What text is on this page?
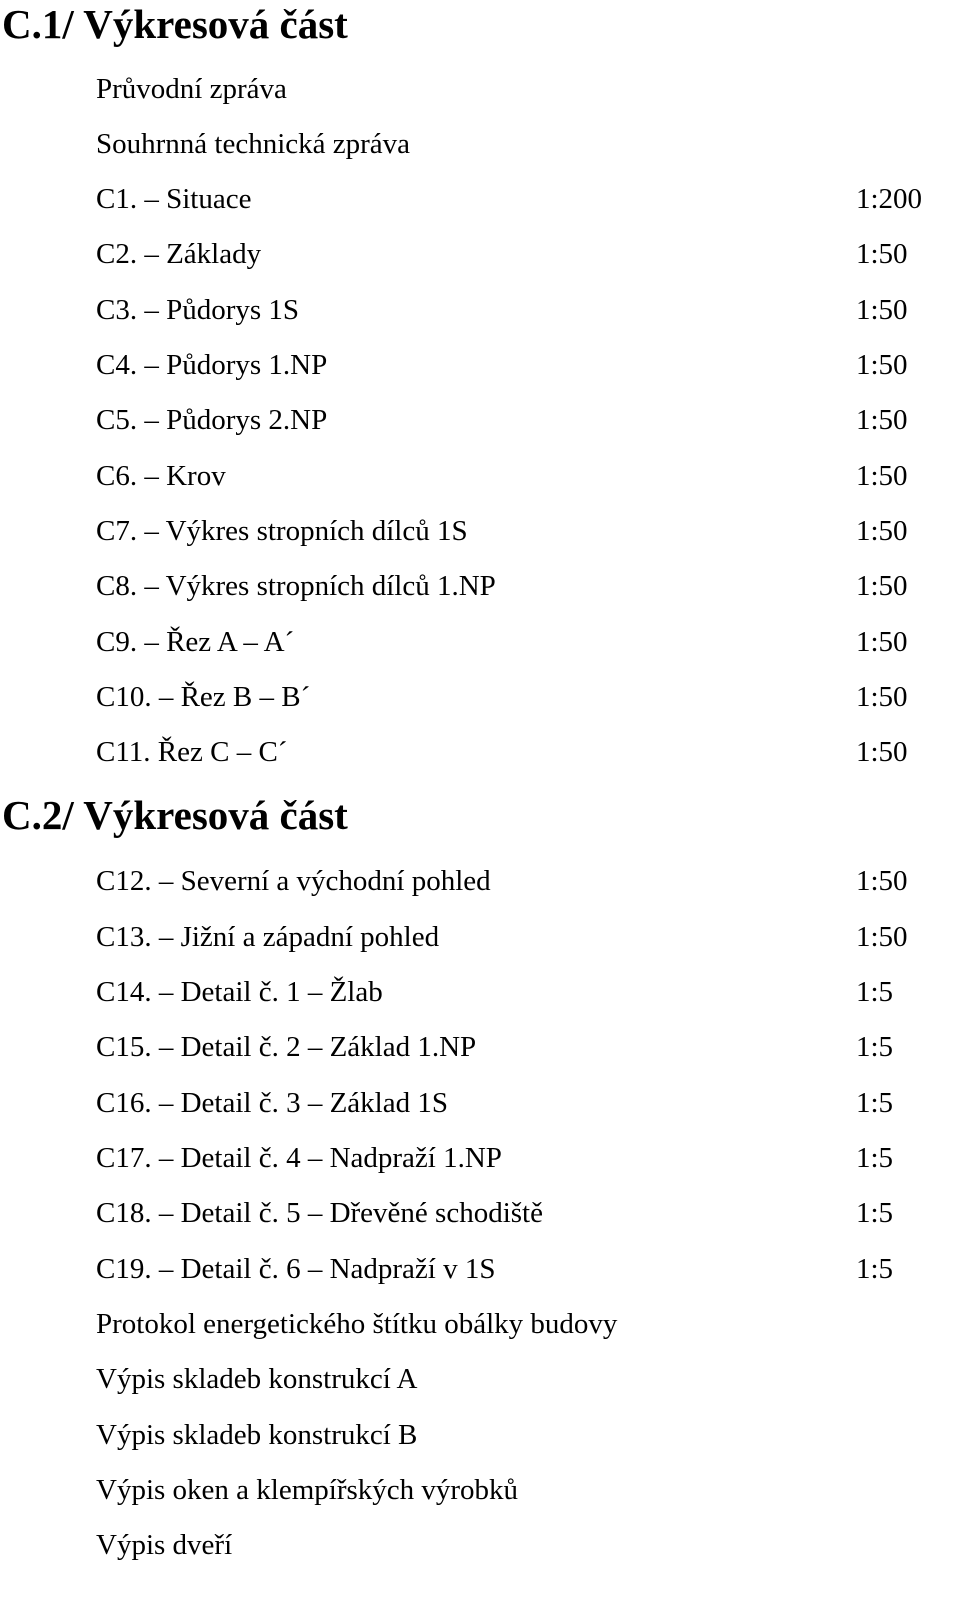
C.1/ Výkresová část
Průvodní zpráva
Souhrnná technická zpráva
C1. – Situace	1:200
C2. – Základy	1:50
C3. – Půdorys 1S	1:50
C4. – Půdorys 1.NP	1:50
C5. – Půdorys 2.NP	1:50
C6. – Krov	1:50
C7. – Výkres stropních dílců 1S	1:50
C8. – Výkres stropních dílců 1.NP	1:50
C9. – Řez A – A´	1:50
C10. – Řez B – B´	1:50
C11. Řez C – C´	1:50
C.2/ Výkresová část
C12. – Severní a východní pohled	1:50
C13. – Jižní a západní pohled	1:50
C14. – Detail č. 1 – Žlab	1:5
C15. – Detail č. 2 – Základ 1.NP	1:5
C16. – Detail č. 3 – Základ 1S	1:5
C17. – Detail č. 4 – Nadpraží 1.NP	1:5
C18. – Detail č. 5 – Dřevěné schodiště	1:5
C19. – Detail č. 6 – Nadpraží v 1S	1:5
Protokol energetického štítku obálky budovy
Výpis skladeb konstrukcí A
Výpis skladeb konstrukcí B
Výpis oken a klempířských výrobků
Výpis dveří
